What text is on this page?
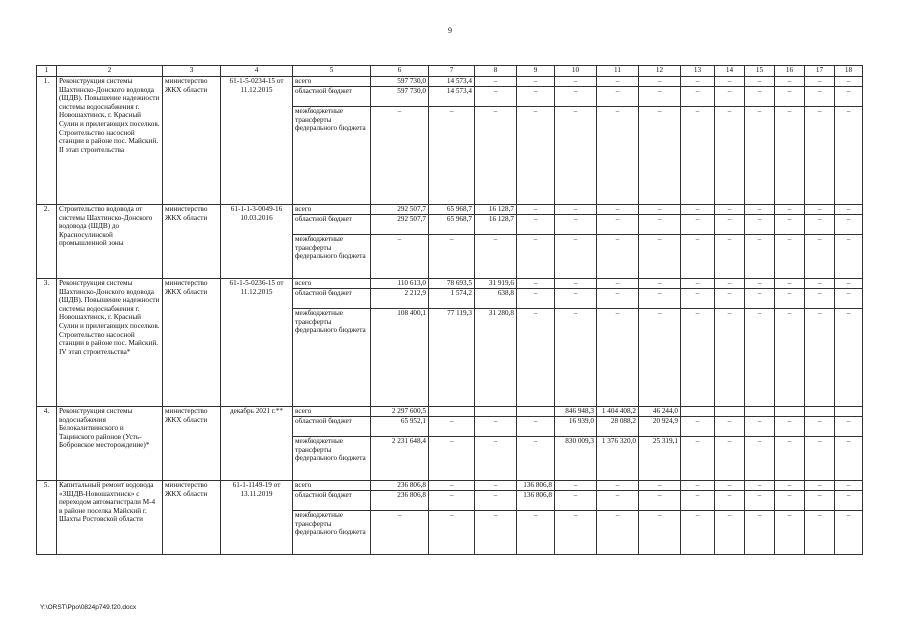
9
1	2	3	4	5	6	7	8	9	10	11	12	13	14	15	16	17	18
1.	Реконструкция системы Шахтинско-Донского водовода (ШДВ). Повышение надежности системы водоснабжения г. Новошахтинск, г. Красный Сулин и прилегающих поселков. Строительство насосной станции в районе пос. Майский. II этап строительства	министерство ЖКХ области	61-1-5-0234-15 от 11.12.2015	всего	597 730,0	14 573,4	–	–	–	–	–	–	–	–	–	–	–
				областной бюджет	597 730,0	14 573,4	–	–	–	–	–	–	–	–	–	–	–
				межбюджетные трансферты федерального бюджета	–	–	–	–	–	–	–	–	–	–	–	–	–
2.	Строительство водовода от системы Шахтинско-Донского водовода (ШДВ) до Красносулинской промышленной зоны	министерство ЖКХ области	61-1-1-3-0049-16 10.03.2016	всего	292 507,7	65 968,7	16 128,7	–	–	–	–	–	–	–	–	–	–
				областной бюджет	292 507,7	65 968,7	16 128,7	–	–	–	–	–	–	–	–	–	–
				межбюджетные трансферты федерального бюджета	–	–	–	–	–	–	–	–	–	–	–	–	–
3.	Реконструкция системы Шахтинско-Донского водовода (ШДВ). Повышение надежности системы водоснабжения г. Новошахтинск, г. Красный Сулин и прилегающих поселков. Строительство насосной станции в районе пос. Майский. IV этап строительства*	министерство ЖКХ области	61-1-5-0236-15 от 11.12.2015	всего	110 613,0	78 693,5	31 919,6	–	–	–	–	–	–	–	–	–	–
				областной бюджет	2 212,9	1 574,2	638,8	–	–	–	–	–	–	–	–	–	–
				межбюджетные трансферты федерального бюджета	108 400,1	77 119,3	31 280,8	–	–	–	–	–	–	–	–	–	–
4.	Реконструкция системы водоснабжения Белокалитвинского и Тацинского районов (Усть-Бобровское месторождение)*	министерство ЖКХ области	декабрь 2021 г.**	всего	2 297 600,5				846 948,3	1 404 408,2	46 244,0						
				областной бюджет	65 952,1	–	–	–	16 939,0	28 088,2	20 924,9	–	–	–	–	–	–
				межбюджетные трансферты федерального бюджета	2 231 648,4	–	–	–	830 009,3	1 376 320,0	25 319,1	–	–	–	–	–	–
5.	Капитальный ремонт водовода «ЗШДВ-Новошахтинск» с переходом автомагистрали М-4 в районе поселка Майский г. Шахты Ростовской области	министерство ЖКХ области	61-1-1149-19 от 13.11.2019	всего	236 806,8	–	–	136 806,8	–	–	–	–	–	–	–	–	–
				областной бюджет	236 806,8	–	–	136 806,8	–	–	–	–	–	–	–	–	–
				межбюджетные трансферты федерального бюджета	–	–	–	–	–	–	–	–	–	–	–	–	–
Y:\ORST\Ppo\0824p749.f20.docx
